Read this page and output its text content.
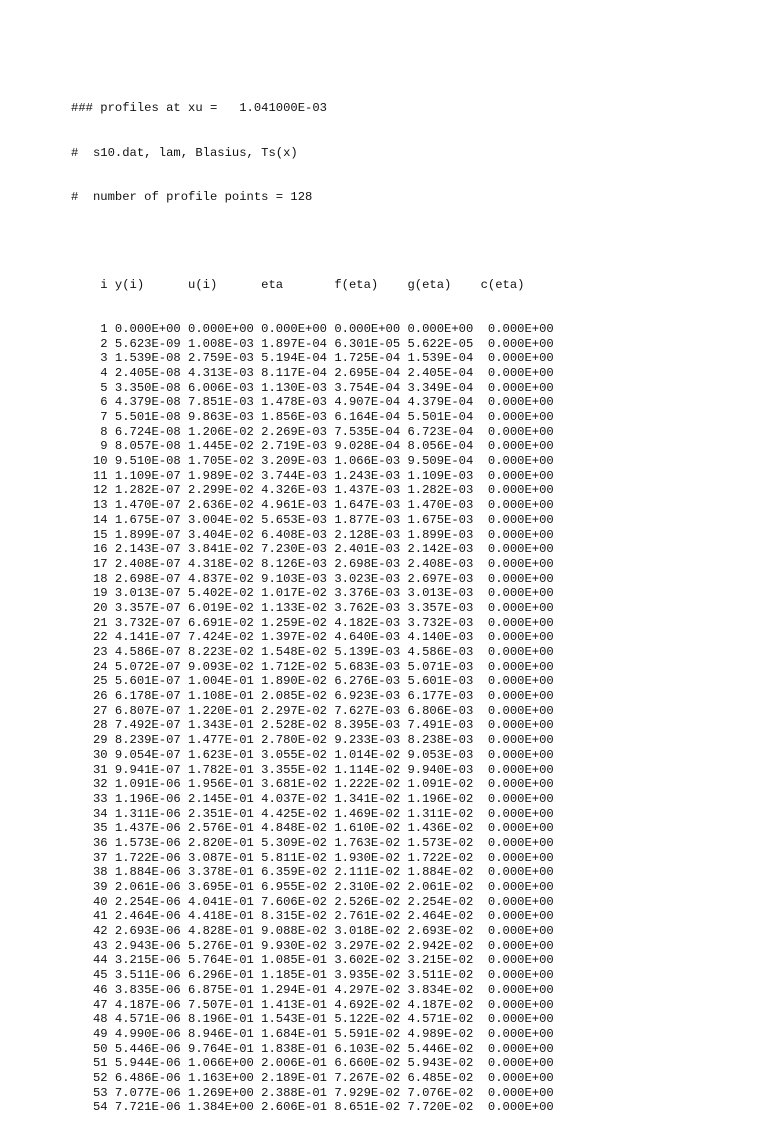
### profiles at xu =   1.041000E-03

#  s10.dat, lam, Blasius, Ts(x)

#  number of profile points = 128

i y(i)      u(i)      eta       f(eta)    g(eta)    c(eta)

1 0.000E+00 0.000E+00 0.000E+00 0.000E+00 0.000E+00  0.000E+00
2 5.623E-09 1.008E-03 1.897E-04 6.301E-05 5.622E-05  0.000E+00
3 1.539E-08 2.759E-03 5.194E-04 1.725E-04 1.539E-04  0.000E+00
4 2.405E-08 4.313E-03 8.117E-04 2.695E-04 2.405E-04  0.000E+00
5 3.350E-08 6.006E-03 1.130E-03 3.754E-04 3.349E-04  0.000E+00
6 4.379E-08 7.851E-03 1.478E-03 4.907E-04 4.379E-04  0.000E+00
7 5.501E-08 9.863E-03 1.856E-03 6.164E-04 5.501E-04  0.000E+00
8 6.724E-08 1.206E-02 2.269E-03 7.535E-04 6.723E-04  0.000E+00
9 8.057E-08 1.445E-02 2.719E-03 9.028E-04 8.056E-04  0.000E+00
10 9.510E-08 1.705E-02 3.209E-03 1.066E-03 9.509E-04  0.000E+00
11 1.109E-07 1.989E-02 3.744E-03 1.243E-03 1.109E-03  0.000E+00
12 1.282E-07 2.299E-02 4.326E-03 1.437E-03 1.282E-03  0.000E+00
13 1.470E-07 2.636E-02 4.961E-03 1.647E-03 1.470E-03  0.000E+00
14 1.675E-07 3.004E-02 5.653E-03 1.877E-03 1.675E-03  0.000E+00
15 1.899E-07 3.404E-02 6.408E-03 2.128E-03 1.899E-03  0.000E+00
16 2.143E-07 3.841E-02 7.230E-03 2.401E-03 2.142E-03  0.000E+00
17 2.408E-07 4.318E-02 8.126E-03 2.698E-03 2.408E-03  0.000E+00
18 2.698E-07 4.837E-02 9.103E-03 3.023E-03 2.697E-03  0.000E+00
19 3.013E-07 5.402E-02 1.017E-02 3.376E-03 3.013E-03  0.000E+00
20 3.357E-07 6.019E-02 1.133E-02 3.762E-03 3.357E-03  0.000E+00
21 3.732E-07 6.691E-02 1.259E-02 4.182E-03 3.732E-03  0.000E+00
22 4.141E-07 7.424E-02 1.397E-02 4.640E-03 4.140E-03  0.000E+00
23 4.586E-07 8.223E-02 1.548E-02 5.139E-03 4.586E-03  0.000E+00
24 5.072E-07 9.093E-02 1.712E-02 5.683E-03 5.071E-03  0.000E+00
25 5.601E-07 1.004E-01 1.890E-02 6.276E-03 5.601E-03  0.000E+00
26 6.178E-07 1.108E-01 2.085E-02 6.923E-03 6.177E-03  0.000E+00
27 6.807E-07 1.220E-01 2.297E-02 7.627E-03 6.806E-03  0.000E+00
28 7.492E-07 1.343E-01 2.528E-02 8.395E-03 7.491E-03  0.000E+00
29 8.239E-07 1.477E-01 2.780E-02 9.233E-03 8.238E-03  0.000E+00
30 9.054E-07 1.623E-01 3.055E-02 1.014E-02 9.053E-03  0.000E+00
31 9.941E-07 1.782E-01 3.355E-02 1.114E-02 9.940E-03  0.000E+00
32 1.091E-06 1.956E-01 3.681E-02 1.222E-02 1.091E-02  0.000E+00
33 1.196E-06 2.145E-01 4.037E-02 1.341E-02 1.196E-02  0.000E+00
34 1.311E-06 2.351E-01 4.425E-02 1.469E-02 1.311E-02  0.000E+00
35 1.437E-06 2.576E-01 4.848E-02 1.610E-02 1.436E-02  0.000E+00
36 1.573E-06 2.820E-01 5.309E-02 1.763E-02 1.573E-02  0.000E+00
37 1.722E-06 3.087E-01 5.811E-02 1.930E-02 1.722E-02  0.000E+00
38 1.884E-06 3.378E-01 6.359E-02 2.111E-02 1.884E-02  0.000E+00
39 2.061E-06 3.695E-01 6.955E-02 2.310E-02 2.061E-02  0.000E+00
40 2.254E-06 4.041E-01 7.606E-02 2.526E-02 2.254E-02  0.000E+00
41 2.464E-06 4.418E-01 8.315E-02 2.761E-02 2.464E-02  0.000E+00
42 2.693E-06 4.828E-01 9.088E-02 3.018E-02 2.693E-02  0.000E+00
43 2.943E-06 5.276E-01 9.930E-02 3.297E-02 2.942E-02  0.000E+00
44 3.215E-06 5.764E-01 1.085E-01 3.602E-02 3.215E-02  0.000E+00
45 3.511E-06 6.296E-01 1.185E-01 3.935E-02 3.511E-02  0.000E+00
46 3.835E-06 6.875E-01 1.294E-01 4.297E-02 3.834E-02  0.000E+00
47 4.187E-06 7.507E-01 1.413E-01 4.692E-02 4.187E-02  0.000E+00
48 4.571E-06 8.196E-01 1.543E-01 5.122E-02 4.571E-02  0.000E+00
49 4.990E-06 8.946E-01 1.684E-01 5.591E-02 4.989E-02  0.000E+00
50 5.446E-06 9.764E-01 1.838E-01 6.103E-02 5.446E-02  0.000E+00
51 5.944E-06 1.066E+00 2.006E-01 6.660E-02 5.943E-02  0.000E+00
52 6.486E-06 1.163E+00 2.189E-01 7.267E-02 6.485E-02  0.000E+00
53 7.077E-06 1.269E+00 2.388E-01 7.929E-02 7.076E-02  0.000E+00
54 7.721E-06 1.384E+00 2.606E-01 8.651E-02 7.720E-02  0.000E+00
